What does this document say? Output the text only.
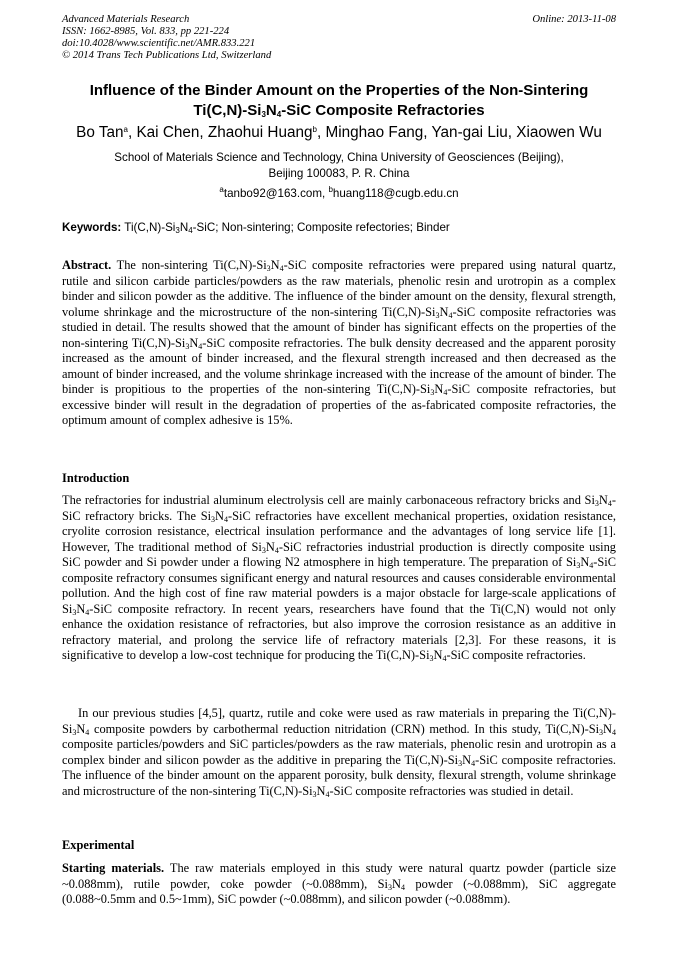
Advanced Materials Research
ISSN: 1662-8985, Vol. 833, pp 221-224
doi:10.4028/www.scientific.net/AMR.833.221
© 2014 Trans Tech Publications Ltd, Switzerland
Online: 2013-11-08
Influence of the Binder Amount on the Properties of the Non-Sintering
$Ti(C,N)-Si_3N_4$-SiC Composite Refractories
Bo Tan$^a$, Kai Chen, Zhaohui Huang$^b$, Minghao Fang, Yan-gai Liu, Xiaowen Wu
School of Materials Science and Technology, China University of Geosciences (Beijing),
Beijing 100083, P. R. China
$^a$tanbo92@163.com, $^b$huang118@cugb.edu.cn
Keywords: $Ti(C,N)-Si_3N_4$-SiC; Non-sintering; Composite refectories; Binder
Abstract. The non-sintering $Ti(C,N)-Si_3N_4$-SiC composite refractories were prepared using natural quartz, rutile and silicon carbide particles/powders as the raw materials, phenolic resin and urotropin as a complex binder and silicon powder as the additive. The influence of the binder amount on the density, flexural strength, volume shrinkage and the microstructure of the non-sintering $Ti(C,N)-Si_3N_4$-SiC composite refractories was studied in detail. The results showed that the amount of binder has significant effects on the properties of the non-sintering $Ti(C,N)-Si_3N_4$-SiC composite refractories. The bulk density decreased and the apparent porosity increased as the amount of binder increased, and the flexural strength increased and then decreased as the amount of binder increased, and the volume shrinkage increased with the increase of the amount of binder. The binder is propitious to the properties of the non-sintering $Ti(C,N)-Si_3N_4$-SiC composite refractories, but excessive binder will result in the degradation of properties of the as-fabricated composite refractories, the optimum amount of complex adhesive is 15%.
Introduction
The refractories for industrial aluminum electrolysis cell are mainly carbonaceous refractory bricks and $Si_3N_4$-SiC refractory bricks. The $Si_3N_4$-SiC refractories have excellent mechanical properties, oxidation resistance, cryolite corrosion resistance, electrical insulation performance and the advantages of long service life [1]. However, The traditional method of $Si_3N_4$-SiC refractories industrial production is directly composite using SiC powder and Si powder under a flowing N2 atmosphere in high temperature. The preparation of $Si_3N_4$-SiC composite refractory consumes significant energy and natural resources and causes considerable environmental pollution. And the high cost of fine raw material powders is a major obstacle for large-scale applications of $Si_3N_4$-SiC composite refractory. In recent years, researchers have found that the Ti(C,N) would not only enhance the oxidation resistance of refractories, but also improve the corrosion resistance as an additive in refractory material, and prolong the service life of refractory materials [2,3]. For these reasons, it is significative to develop a low-cost technique for producing the $Ti(C,N)-Si_3N_4$-SiC composite refractories.
In our previous studies [4,5], quartz, rutile and coke were used as raw materials in preparing the $Ti(C,N)-Si_3N_4$ composite powders by carbothermal reduction nitridation (CRN) method. In this study, $Ti(C,N)-Si_3N_4$ composite particles/powders and SiC particles/powders as the raw materials, phenolic resin and urotropin as a complex binder and silicon powder as the additive in preparing the $Ti(C,N)-Si_3N_4$-SiC composite refractories. The influence of the binder amount on the apparent porosity, bulk density, flexural strength, volume shrinkage and microstructure of the non-sintering $Ti(C,N)-Si_3N_4$-SiC composite refractories was studied in detail.
Experimental
Starting materials. The raw materials employed in this study were natural quartz powder (particle size ~0.088mm), rutile powder, coke powder (~0.088mm), $Si_3N_4$ powder (~0.088mm), SiC aggregate (0.088~0.5mm and 0.5~1mm), SiC powder (~0.088mm), and silicon powder (~0.088mm).
